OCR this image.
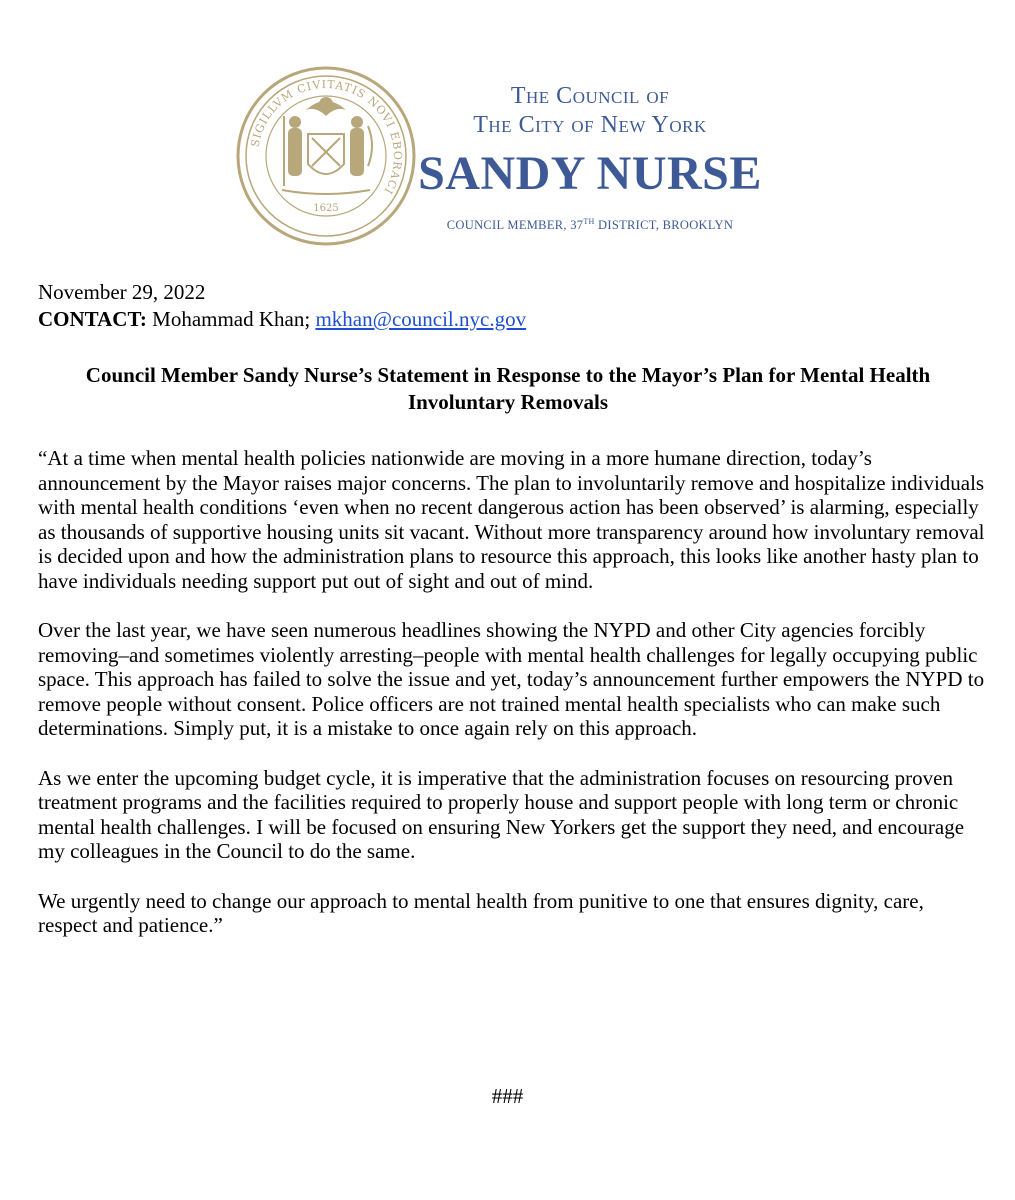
SIGILLVM CIVITATIS NOVI EBORACI
1625
The Council of
The City of New York
SANDY NURSE
COUNCIL MEMBER, 37TH DISTRICT, BROOKLYN
November 29, 2022
CONTACT: Mohammad Khan; mkhan@council.nyc.gov
Council Member Sandy Nurse’s Statement in Response to the Mayor’s Plan for Mental Health Involuntary Removals

“At a time when mental health policies nationwide are moving in a more humane direction, today’s announcement by the Mayor raises major concerns. The plan to involuntarily remove and hospitalize individuals with mental health conditions ‘even when no recent dangerous action has been observed’ is alarming, especially as thousands of supportive housing units sit vacant. Without more transparency around how involuntary removal is decided upon and how the administration plans to resource this approach, this looks like another hasty plan to have individuals needing support put out of sight and out of mind.

Over the last year, we have seen numerous headlines showing the NYPD and other City agencies forcibly removing–and sometimes violently arresting–people with mental health challenges for legally occupying public space. This approach has failed to solve the issue and yet, today’s announcement further empowers the NYPD to remove people without consent. Police officers are not trained mental health specialists who can make such determinations. Simply put, it is a mistake to once again rely on this approach.

As we enter the upcoming budget cycle, it is imperative that the administration focuses on resourcing proven treatment programs and the facilities required to properly house and support people with long term or chronic mental health challenges. I will be focused on ensuring New Yorkers get the support they need, and encourage my colleagues in the Council to do the same.

We urgently need to change our approach to mental health from punitive to one that ensures dignity, care, respect and patience.”

###
